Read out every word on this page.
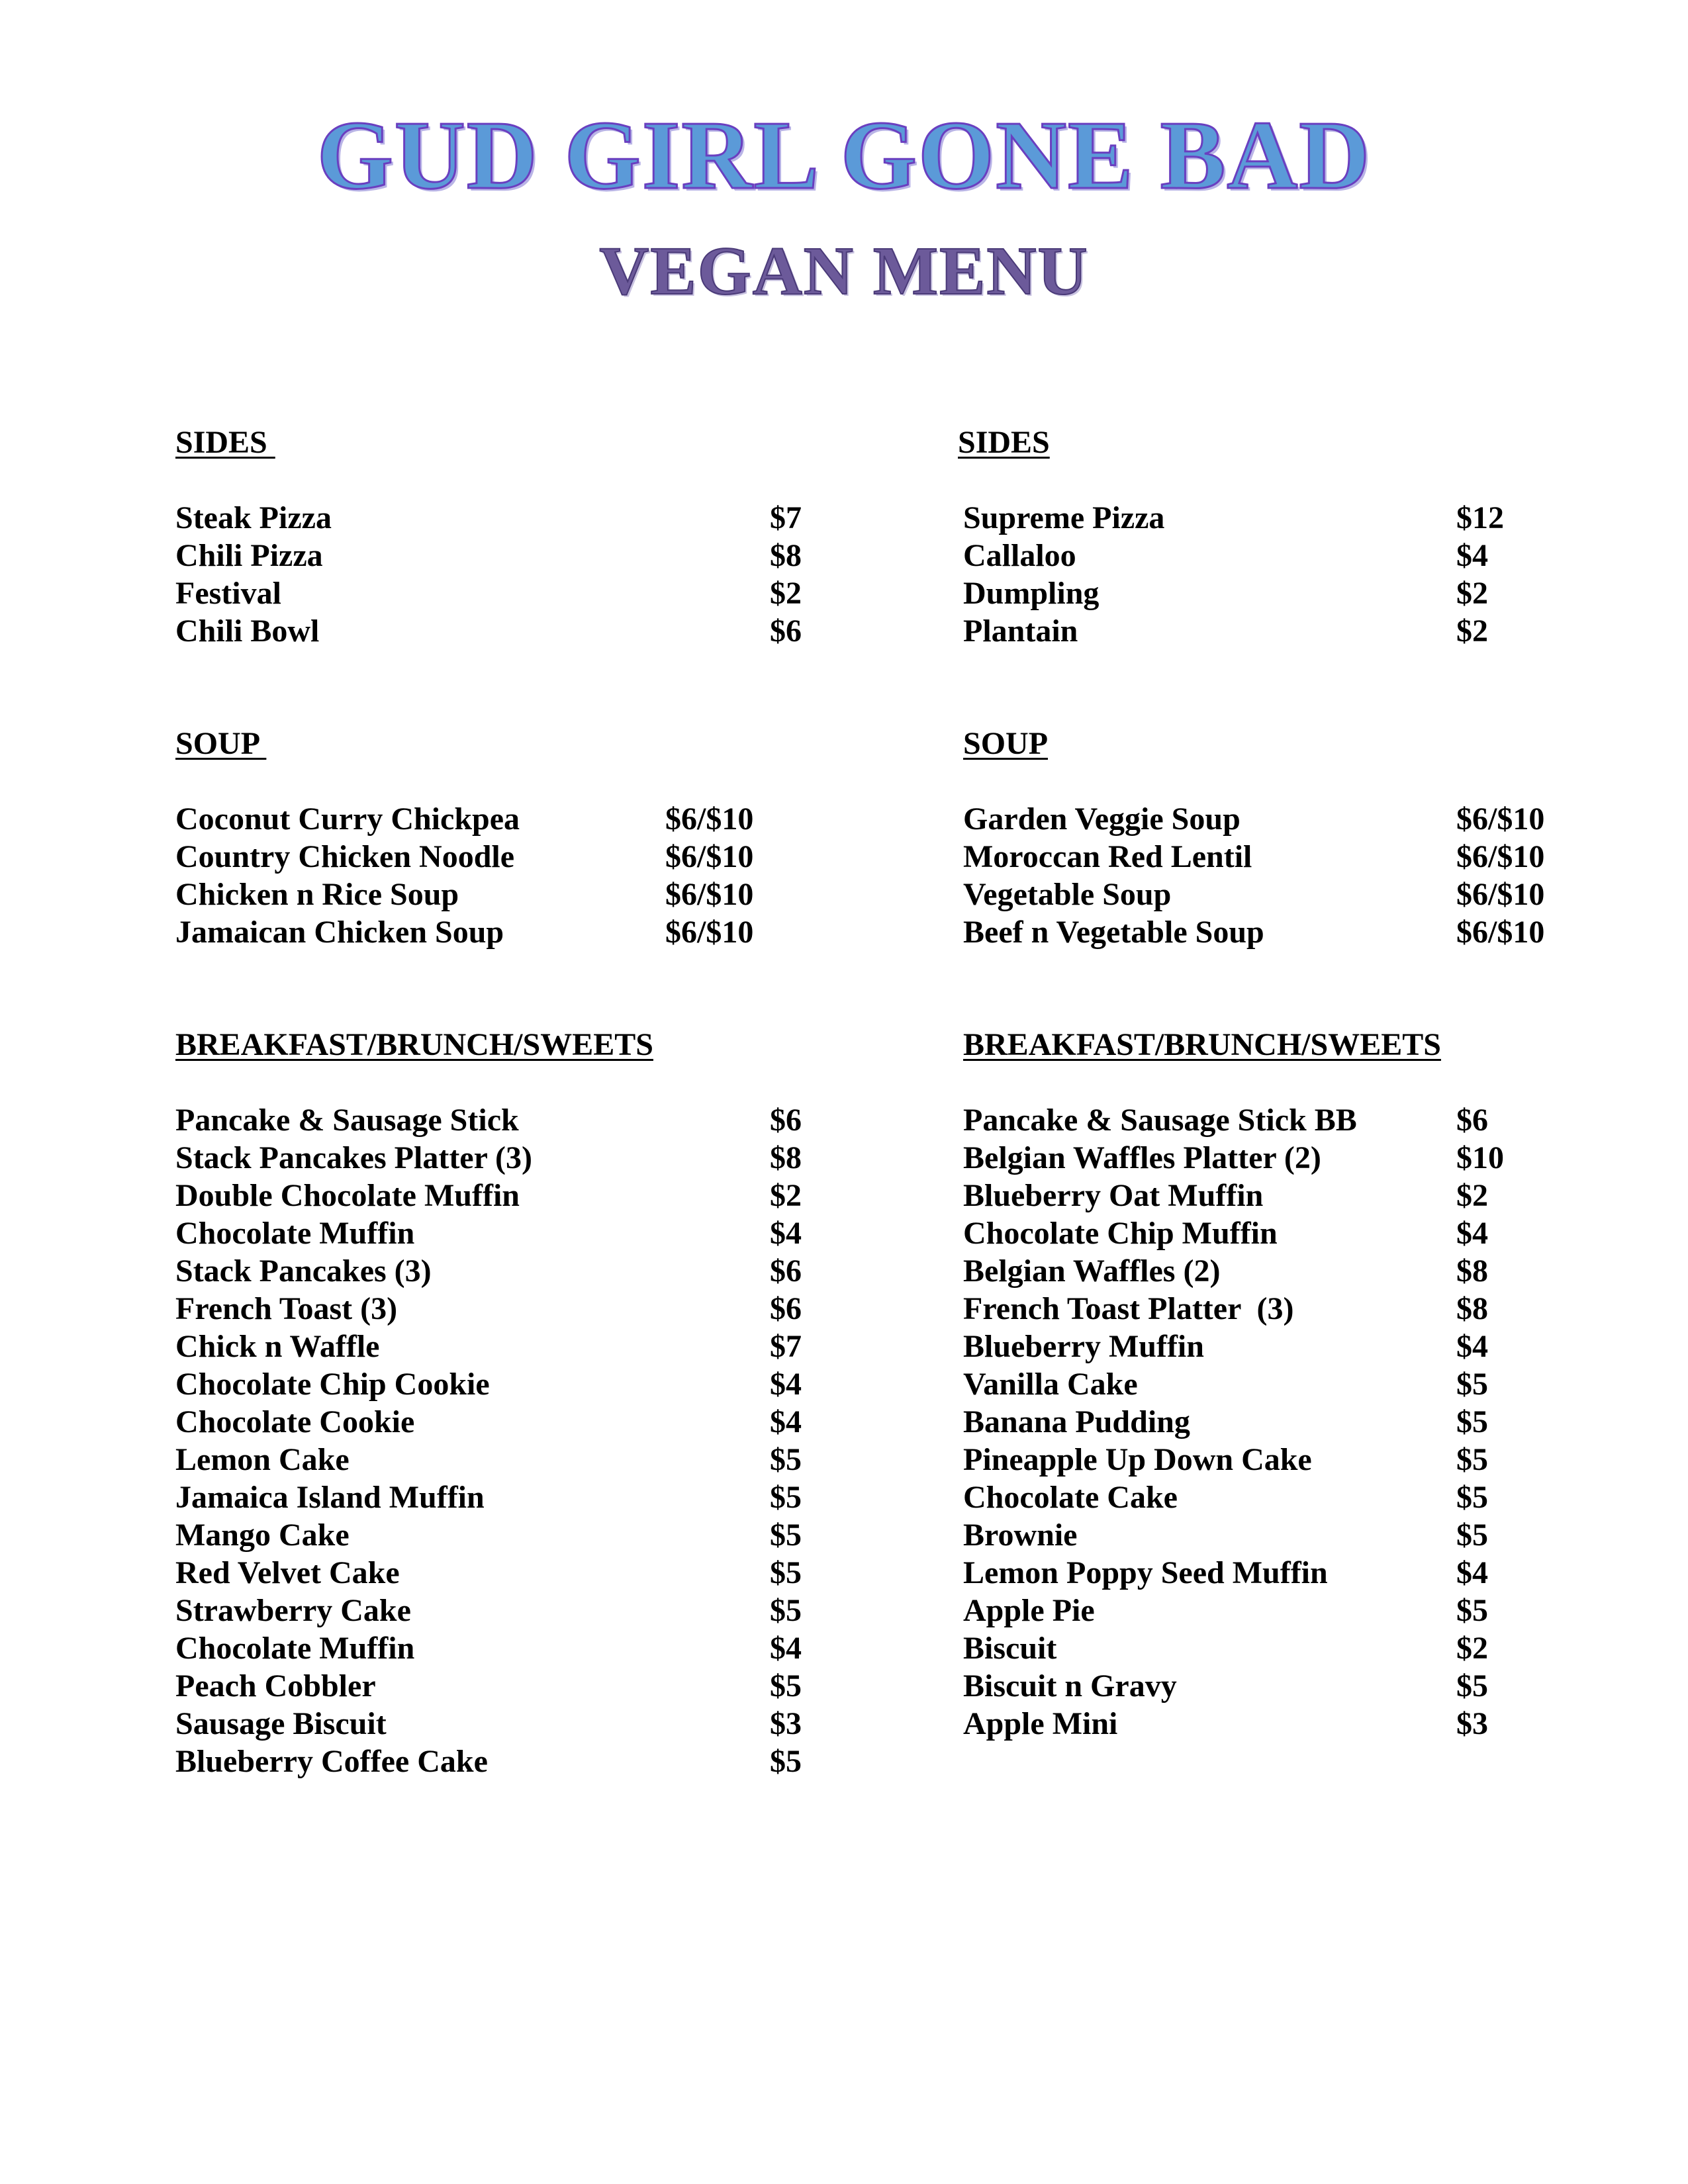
GUD GIRL GONE BAD
VEGAN MENU
SIDES
Steak Pizza	$7
Chili Pizza	$8
Festival	$2
Chili Bowl	$6
SOUP
Coconut Curry Chickpea	$6/$10
Country Chicken Noodle	$6/$10
Chicken n Rice Soup	$6/$10
Jamaican Chicken Soup	$6/$10
BREAKFAST/BRUNCH/SWEETS
Pancake & Sausage Stick	$6
Stack Pancakes Platter (3)	$8
Double Chocolate Muffin	$2
Chocolate Muffin	$4
Stack Pancakes (3)	$6
French Toast (3)	$6
Chick n Waffle	$7
Chocolate Chip Cookie	$4
Chocolate Cookie	$4
Lemon Cake	$5
Jamaica Island Muffin	$5
Mango Cake	$5
Red Velvet Cake	$5
Strawberry Cake	$5
Chocolate Muffin	$4
Peach Cobbler	$5
Sausage Biscuit	$3
Blueberry Coffee Cake	$5
SIDES
Supreme Pizza	$12
Callaloo	$4
Dumpling	$2
Plantain	$2
SOUP
Garden Veggie Soup	$6/$10
Moroccan Red Lentil	$6/$10
Vegetable Soup	$6/$10
Beef n Vegetable Soup	$6/$10
BREAKFAST/BRUNCH/SWEETS
Pancake & Sausage Stick BB	$6
Belgian Waffles Platter (2)	$10
Blueberry Oat Muffin	$2
Chocolate Chip Muffin	$4
Belgian Waffles (2)	$8
French Toast Platter  (3)	$8
Blueberry Muffin	$4
Vanilla Cake	$5
Banana Pudding	$5
Pineapple Up Down Cake	$5
Chocolate Cake	$5
Brownie	$5
Lemon Poppy Seed Muffin	$4
Apple Pie	$5
Biscuit	$2
Biscuit n Gravy	$5
Apple Mini	$3
